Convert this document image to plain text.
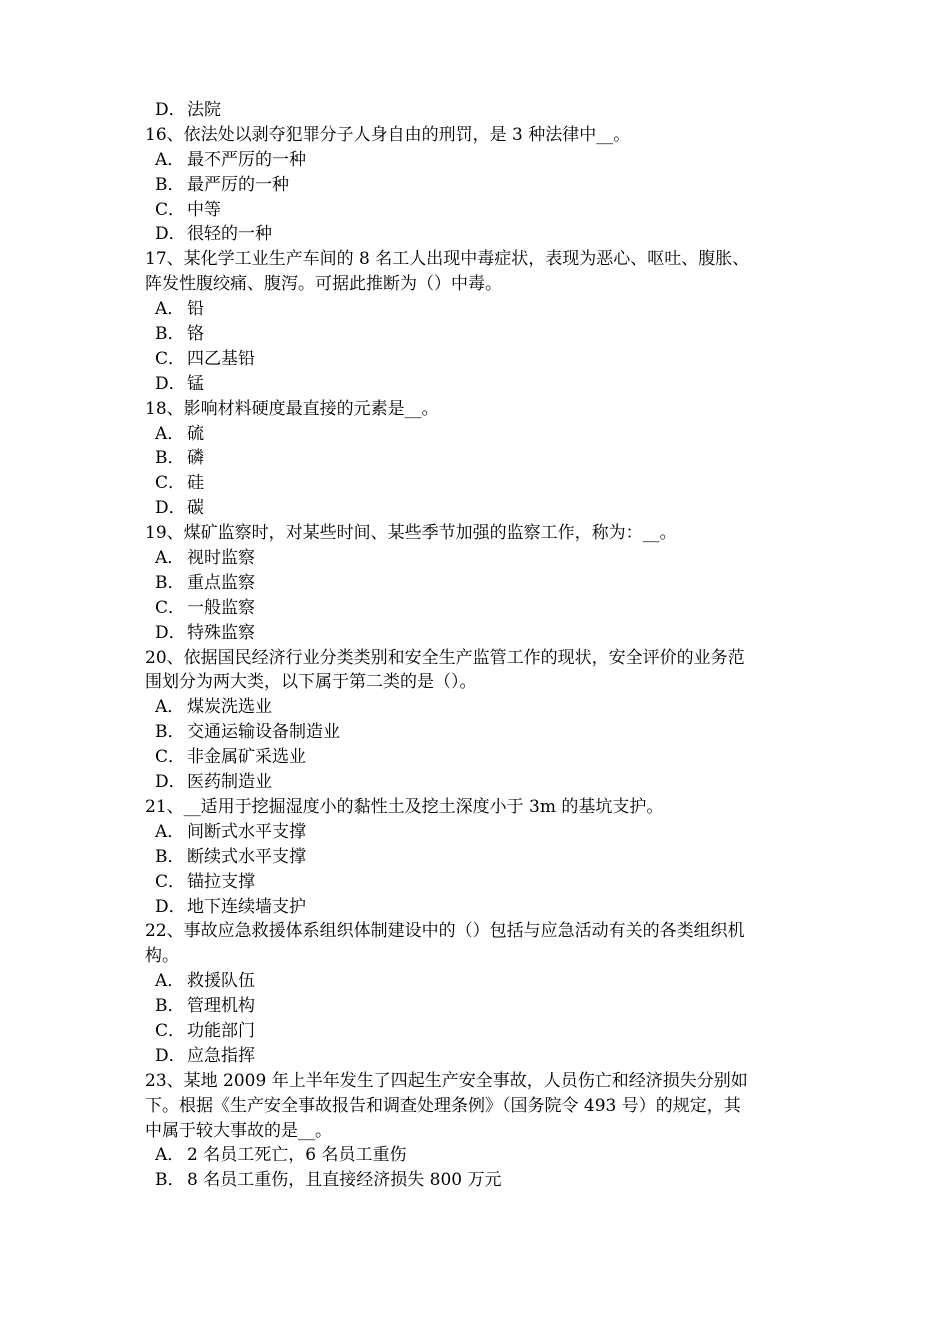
D．法院
16、依法处以剥夺犯罪分子人身自由的刑罚，是 3 种法律中__。
A． 最不严厉的一种
B． 最严厉的一种
C． 中等
D．很轻的一种
17、某化学工业生产车间的 8 名工人出现中毒症状，表现为恶心、呕吐、腹胀、
阵发性腹绞痛、腹泻。可据此推断为（）中毒。
A． 铅
B． 铬
C． 四乙基铅
D．锰
18、影响材料硬度最直接的元素是__。
A． 硫
B． 磷
C． 硅
D．碳
19、煤矿监察时，对某些时间、某些季节加强的监察工作，称为：__。
A． 视时监察
B． 重点监察
C． 一般监察
D．特殊监察
20、依据国民经济行业分类类别和安全生产监管工作的现状，安全评价的业务范
围划分为两大类，以下属于第二类的是（）。
A． 煤炭洗选业
B． 交通运输设备制造业
C． 非金属矿采选业
D．医药制造业
21、__适用于挖掘湿度小的黏性土及挖土深度小于 3m 的基坑支护。
A． 间断式水平支撑
B． 断续式水平支撑
C． 锚拉支撑
D．地下连续墙支护
22、事故应急救援体系组织体制建设中的（）包括与应急活动有关的各类组织机
构。
A． 救援队伍
B． 管理机构
C． 功能部门
D．应急指挥
23、某地 2009 年上半年发生了四起生产安全事故，人员伤亡和经济损失分别如
下。根据《生产安全事故报告和调查处理条例》（国务院令 493 号）的规定，其
中属于较大事故的是__。
A． 2 名员工死亡，6 名员工重伤
B． 8 名员工重伤，且直接经济损失 800 万元
